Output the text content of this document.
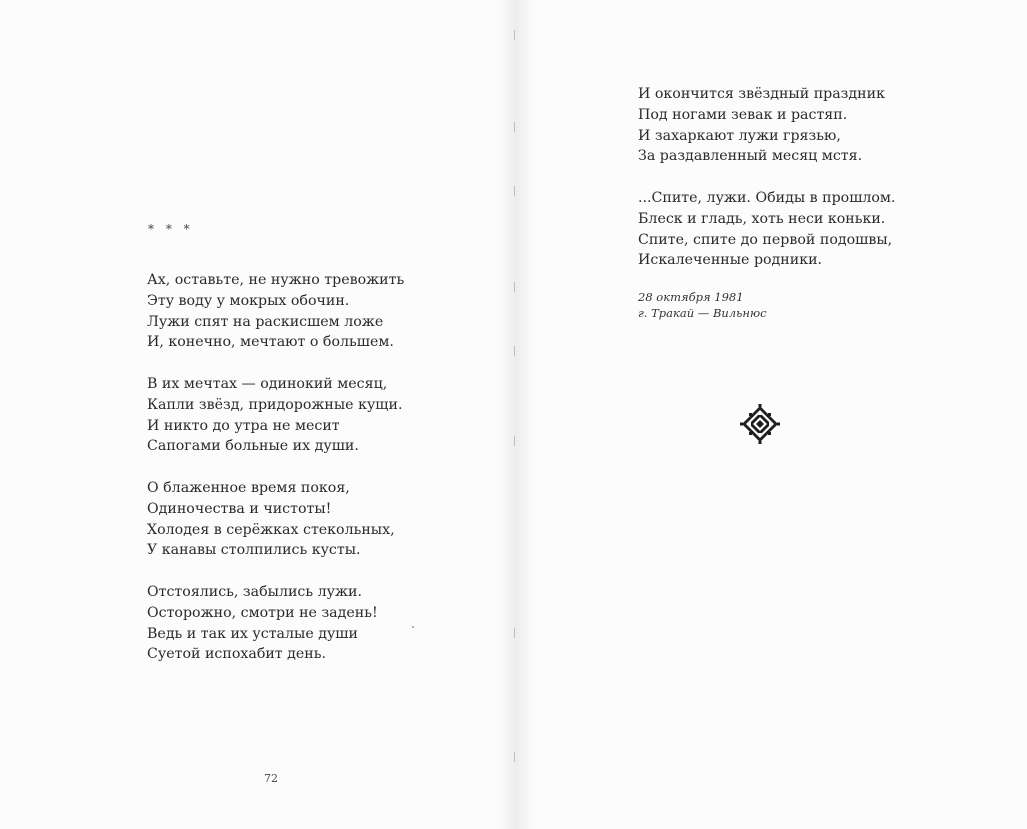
* * *

Ах, оставьте, не нужно тревожить
Эту воду у мокрых обочин.
Лужи спят на раскисшем ложе
И, конечно, мечтают о большем.

В их мечтах — одинокий месяц,
Капли звёзд, придорожные кущи.
И никто до утра не месит
Сапогами больные их души.

О блаженное время покоя,
Одиночества и чистоты!
Холодея в серёжках стекольных,
У канавы столпились кусты.

Отстоялись, забылись лужи.
Осторожно, смотри не задень!
Ведь и так их усталые души
Суетой испохабит день.

72

И окончится звёздный праздник
Под ногами зевак и растяп.
И захаркают лужи грязью,
За раздавленный месяц мстя.

...Спите, лужи. Обиды в прошлом.
Блеск и гладь, хоть неси коньки.
Спите, спите до первой подошвы,
Искалеченные родники.

28 октября 1981
г. Тракай — Вильнюс
